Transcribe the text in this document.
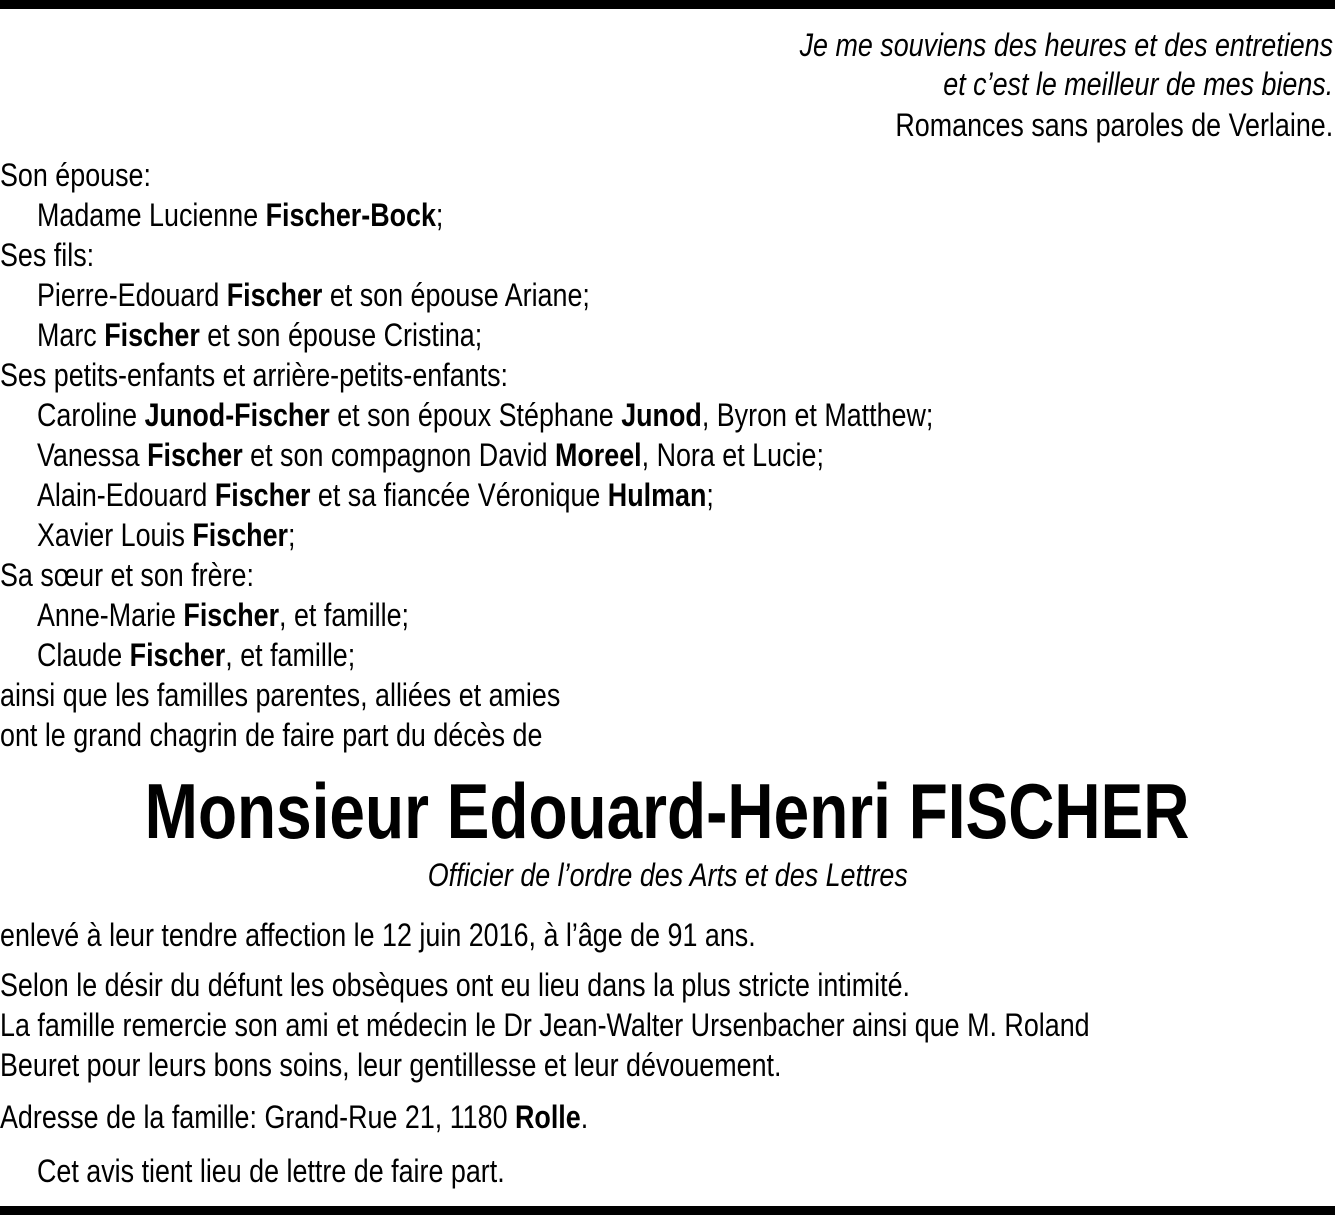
Je me souviens des heures et des entretiens
et c’est le meilleur de mes biens.
Romances sans paroles de Verlaine.
Son épouse:
Madame Lucienne Fischer-Bock;
Ses fils:
Pierre-Edouard Fischer et son épouse Ariane;
Marc Fischer et son épouse Cristina;
Ses petits-enfants et arrière-petits-enfants:
Caroline Junod-Fischer et son époux Stéphane Junod, Byron et Matthew;
Vanessa Fischer et son compagnon David Moreel, Nora et Lucie;
Alain-Edouard Fischer et sa fiancée Véronique Hulman;
Xavier Louis Fischer;
Sa sœur et son frère:
Anne-Marie Fischer, et famille;
Claude Fischer, et famille;
ainsi que les familles parentes, alliées et amies
ont le grand chagrin de faire part du décès de
Monsieur Edouard-Henri FISCHER
Officier de l’ordre des Arts et des Lettres
enlevé à leur tendre affection le 12 juin 2016, à l’âge de 91 ans.
Selon le désir du défunt les obsèques ont eu lieu dans la plus stricte intimité.
La famille remercie son ami et médecin le Dr Jean-Walter Ursenbacher ainsi que M. Roland
Beuret pour leurs bons soins, leur gentillesse et leur dévouement.
Adresse de la famille: Grand-Rue 21, 1180 Rolle.
Cet avis tient lieu de lettre de faire part.
